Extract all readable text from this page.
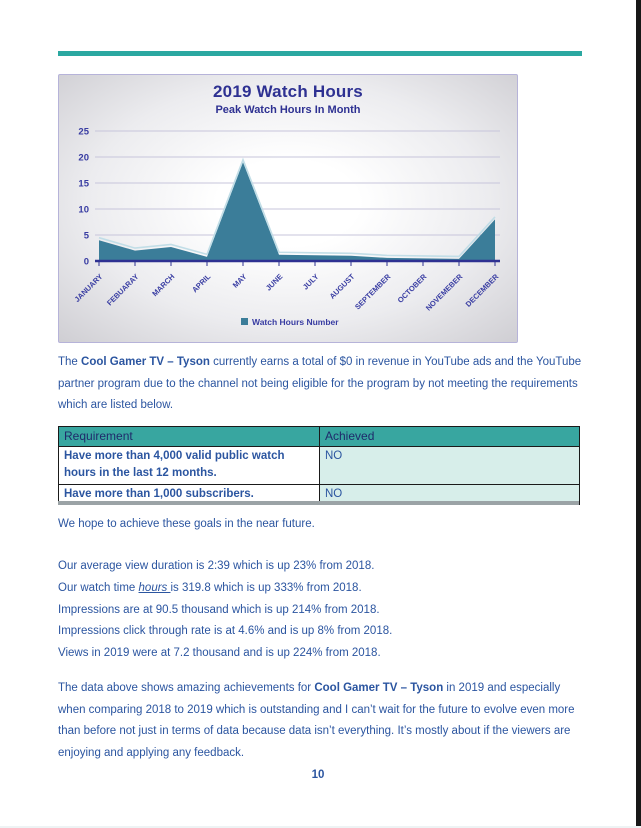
2019 Watch Hours
Peak Watch Hours In Month
0
5
10
15
20
25
JANUARY FEBUARAY MARCH APRIL MAY JUNE JULY AUGUST
SEPTEMBER OCTOBER
NOVEMEBER DECEMBER
Watch Hours Number

The Cool Gamer TV – Tyson currently earns a total of $0 in revenue in YouTube ads and the YouTube partner program due to the channel not being eligible for the program by not meeting the requirements which are listed below.

Requirement	Achieved
Have more than 4,000 valid public watch hours in the last 12 months.	NO
Have more than 1,000 subscribers.	NO

We hope to achieve these goals in the near future.

Our average view duration is 2:39 which is up 23% from 2018.
Our watch time hours is 319.8 which is up 333% from 2018.
Impressions are at 90.5 thousand which is up 214% from 2018.
Impressions click through rate is at 4.6% and is up 8% from 2018.
Views in 2019 were at 7.2 thousand and is up 224% from 2018.

The data above shows amazing achievements for Cool Gamer TV – Tyson in 2019 and especially when comparing 2018 to 2019 which is outstanding and I can’t wait for the future to evolve even more than before not just in terms of data because data isn’t everything. It’s mostly about if the viewers are enjoying and applying any feedback.

10
